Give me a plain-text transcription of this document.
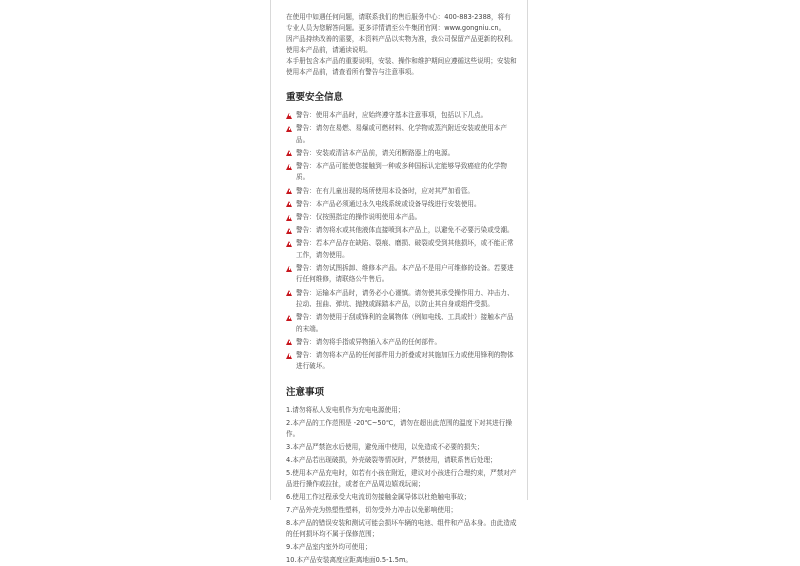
在使用中如遇任何问题，请联系我们的售后服务中心：400-883-2388，将有专业人员为您解答问题。更多详情请至公牛集团官网：www.gongniu.cn。

因产品持续改善的需要，本资料产品以实物为准，我公司保留产品更新的权利。

使用本产品前，请通读说明。

本手册包含本产品的重要说明，安装、操作和维护期间应遵循这些说明；安装和使用本产品前，请查看所有警告与注意事项。

重要安全信息
警告：使用本产品时，应始终遵守基本注意事项，包括以下几点。
警告：请勿在易燃、易爆或可燃材料、化学物或蒸汽附近安装或使用本产品。
警告：安装或清洁本产品前，请关闭断路器上的电源。
警告：本产品可能使您接触到一种或多种国标认定能够导致癌症的化学物质。
警告：在有儿童出现的场所使用本设备时，应对其严加看管。
警告：本产品必须通过永久电线系统或设备导线进行安装使用。
警告：仅按照指定的操作说明使用本产品。
警告：请勿将水或其他液体直接喷到本产品上，以避免不必要污染或受潮。
警告：若本产品存在缺陷、裂痕、磨损、破裂或受到其他损坏，或不能正常工作，请勿使用。
警告：请勿试图拆卸、维修本产品。本产品不是用户可维修的设备。若要进行任何维修，请联络公牛售后。
警告：运输本产品时，请务必小心谨慎。请勿使其承受操作用力、冲击力、拉动、扭曲、弹坑、抛拽或踩踏本产品，以防止其自身或组件受损。
警告：请勿使用于刮或锋利的金属物体（例如电线、工具或针）接触本产品的末端。
警告：请勿将手指或异物插入本产品的任何部件。
警告：请勿将本产品的任何部件用力折叠或对其施加压力或使用锋利的物体进行破坏。
注意事项
1.请勿将私人发电机作为充电电源使用；
2.本产品的工作范围是 -20℃~50℃，请勿在超出此范围的温度下对其进行操作。
3.本产品严禁泡水后使用，避免雨中使用，以免造成不必要的损失；
4.本产品若出现破损，外壳破裂等情况时，严禁使用，请联系售后处理；
5.使用本产品充电时，如若有小孩在附近，建议对小孩进行合理约束，严禁对产品进行操作或拉扯，或者在产品周边嬉戏玩闹；
6.使用工作过程承受大电流切勿接触金属导体以杜绝触电事故；
7.产品外壳为热塑性塑料，切勿受外力冲击以免影响使用；
8.本产品的错误安装和测试可能会损坏车辆的电池、组件和产品本身。由此造成的任何损坏均不属于保修范围；
9.本产品室内室外均可使用；
10.本产品安装离度应距离地面0.5-1.5m。
